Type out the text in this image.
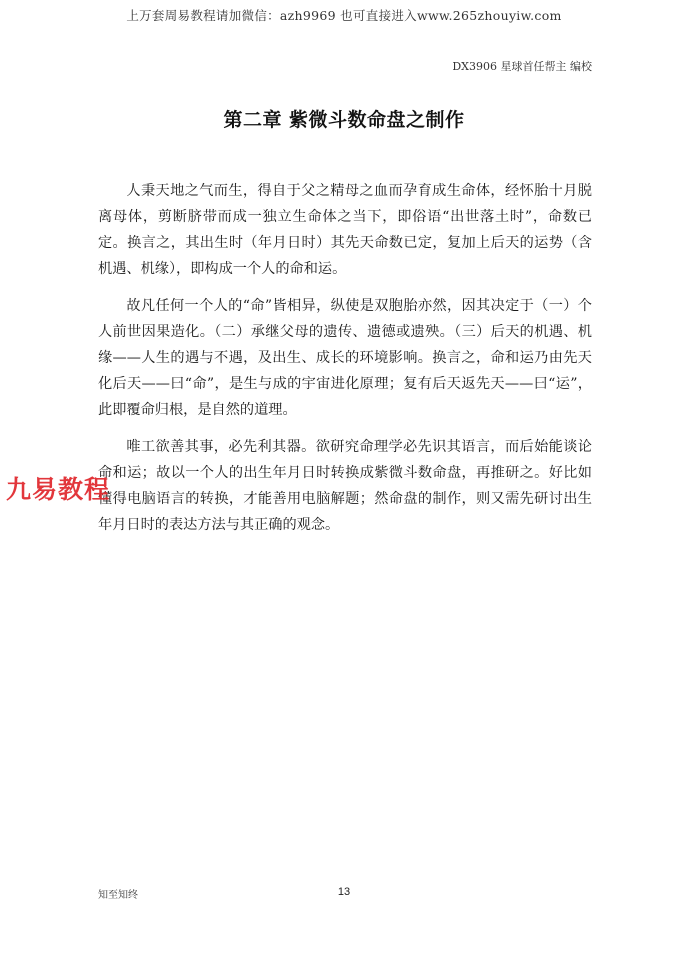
上万套周易教程请加微信：azh9969 也可直接进入www.265zhouyiw.com
DX3906 星球首任帮主 编校
第二章 紫微斗数命盘之制作

人秉天地之气而生，得自于父之精母之血而孕育成生命体，经怀胎十月脱离母体，剪断脐带而成一独立生命体之当下，即俗语“出世落土时”，命数已定。换言之，其出生时（年月日时）其先天命数已定，复加上后天的运势（含机遇、机缘），即构成一个人的命和运。

故凡任何一个人的“命”皆相异，纵使是双胞胎亦然，因其决定于（一）个人前世因果造化。（二）承继父母的遗传、遗德或遗殃。（三）后天的机遇、机缘——人生的遇与不遇，及出生、成长的环境影响。换言之，命和运乃由先天化后天——曰“命”，是生与成的宇宙进化原理；复有后天返先天——曰“运”，此即覆命归根，是自然的道理。

唯工欲善其事，必先利其器。欲研究命理学必先识其语言，而后始能谈论命和运；故以一个人的出生年月日时转换成紫微斗数命盘，再推研之。好比如懂得电脑语言的转换，才能善用电脑解题；然命盘的制作，则又需先研讨出生年月日时的表达方法与其正确的观念。

九易教程
知至知终	13
